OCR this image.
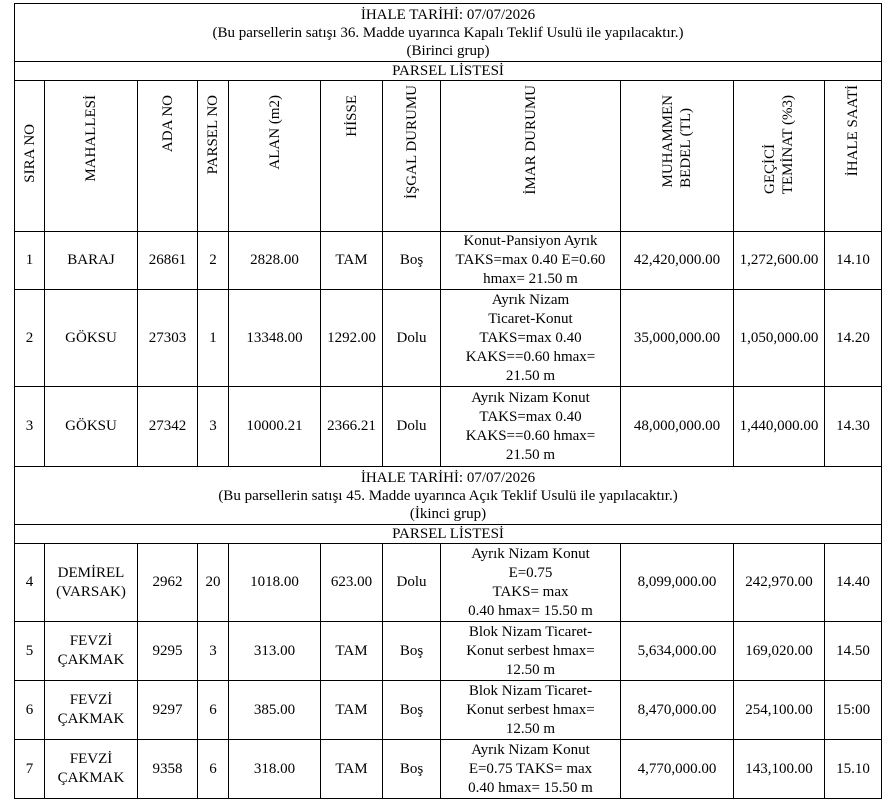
İHALE TARİHİ: 07/07/2026
(Bu parsellerin satışı 36. Madde uyarınca Kapalı Teklif Usulü ile yapılacaktır.)
(Birinci grup)										

PARSEL LİSTESİ										
SIRA NO	MAHALLESİ	ADA NO	PARSEL NO	ALAN (m2)	HİSSE	İŞGAL DURUMU	İMAR DURUMU	MUHAMMEN BEDEL (TL)	GEÇİCİ TEMİNAT (%3)	İHALE SAATİ
1	BARAJ	26861	2	2828.00	TAM	Boş	Konut-Pansiyon Ayrık
TAKS=max 0.40 E=0.60
hmax= 21.50 m	42,420,000.00	1,272,600.00	14.10
2	GÖKSU	27303	1	13348.00	1292.00	Dolu	Ayrık Nizam
Ticaret-Konut
TAKS=max 0.40
KAKS==0.60 hmax=
21.50 m	35,000,000.00	1,050,000.00	14.20
3	GÖKSU	27342	3	10000.21	2366.21	Dolu	Ayrık Nizam Konut
TAKS=max 0.40
KAKS==0.60 hmax=
21.50 m	48,000,000.00	1,440,000.00	14.30

İHALE TARİHİ: 07/07/2026
(Bu parsellerin satışı 45. Madde uyarınca Açık Teklif Usulü ile yapılacaktır.)
(İkinci grup)										

PARSEL LİSTESİ										
4	DEMİREL
(VARSAK)	2962	20	1018.00	623.00	Dolu	Ayrık Nizam Konut
E=0.75
TAKS= max
0.40 hmax= 15.50 m	8,099,000.00	242,970.00	14.40
5	FEVZİ
ÇAKMAK	9295	3	313.00	TAM	Boş	Blok Nizam Ticaret-
Konut serbest hmax=
12.50 m	5,634,000.00	169,020.00	14.50
6	FEVZİ
ÇAKMAK	9297	6	385.00	TAM	Boş	Blok Nizam Ticaret-
Konut serbest hmax=
12.50 m	8,470,000.00	254,100.00	15:00
7	FEVZİ
ÇAKMAK	9358	6	318.00	TAM	Boş	Ayrık Nizam Konut
E=0.75 TAKS= max
0.40 hmax= 15.50 m	4,770,000.00	143,100.00	15.10
